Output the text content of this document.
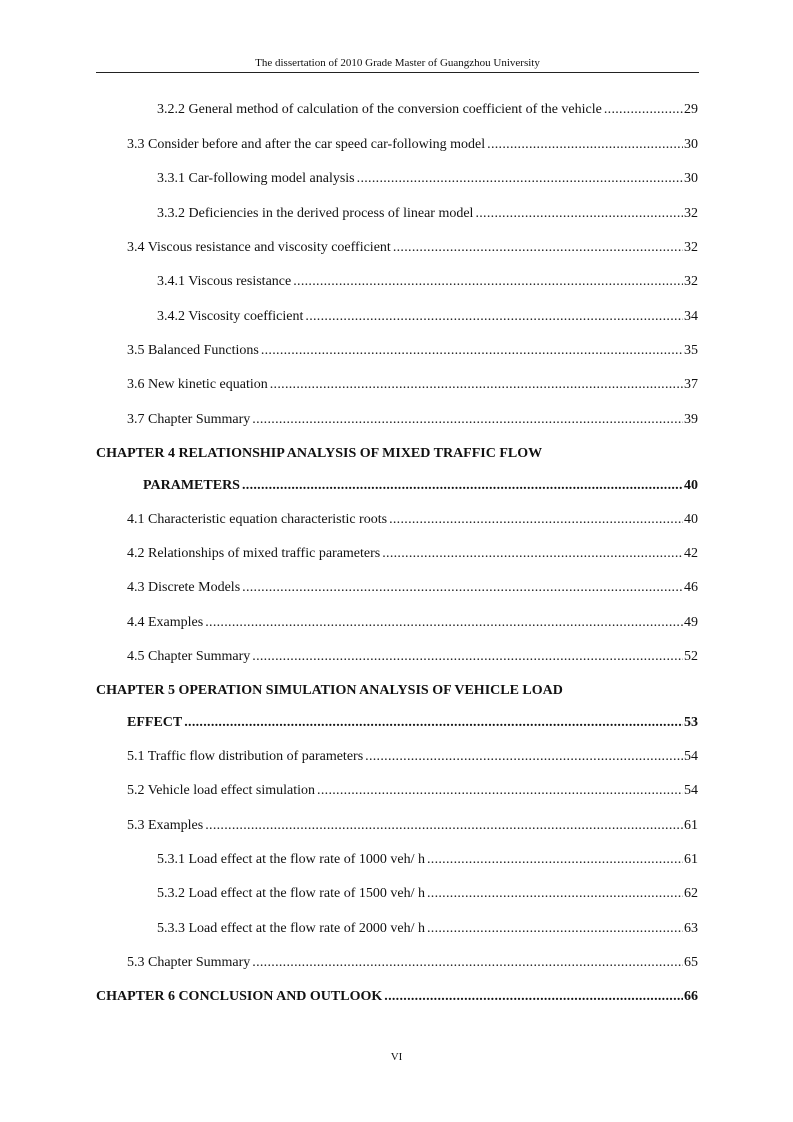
The dissertation of 2010 Grade Master of Guangzhou University
3.2.2 General method of calculation of the conversion coefficient of the vehicle . . .	29
3.3 Consider before and after the car speed car-following model . . .	30
3.3.1 Car-following model analysis . . .	30
3.3.2 Deficiencies in the derived process of linear model . . .	32
3.4 Viscous resistance and viscosity coefficient . . .	32
3.4.1 Viscous resistance . . .	32
3.4.2 Viscosity coefficient . . .	34
3.5 Balanced Functions . . .	35
3.6 New kinetic equation . . .	37
3.7 Chapter Summary . . .	39
CHAPTER 4 RELATIONSHIP ANALYSIS OF MIXED TRAFFIC FLOW
PARAMETERS . . .	40
4.1 Characteristic equation characteristic roots . . .	40
4.2 Relationships of mixed traffic parameters . . .	42
4.3 Discrete Models . . .	46
4.4 Examples . . .	49
4.5 Chapter Summary . . .	52
CHAPTER 5 OPERATION SIMULATION ANALYSIS OF VEHICLE LOAD
EFFECT . . .	53
5.1 Traffic flow distribution of parameters . . .	54
5.2 Vehicle load effect simulation . . .	54
5.3 Examples . . .	61
5.3.1 Load effect at the flow rate of 1000 veh/ h . . .	61
5.3.2 Load effect at the flow rate of 1500 veh/ h . . .	62
5.3.3 Load effect at the flow rate of 2000 veh/ h . . .	63
5.3 Chapter Summary . . .	65
CHAPTER 6 CONCLUSION AND OUTLOOK . . .	66
VI
